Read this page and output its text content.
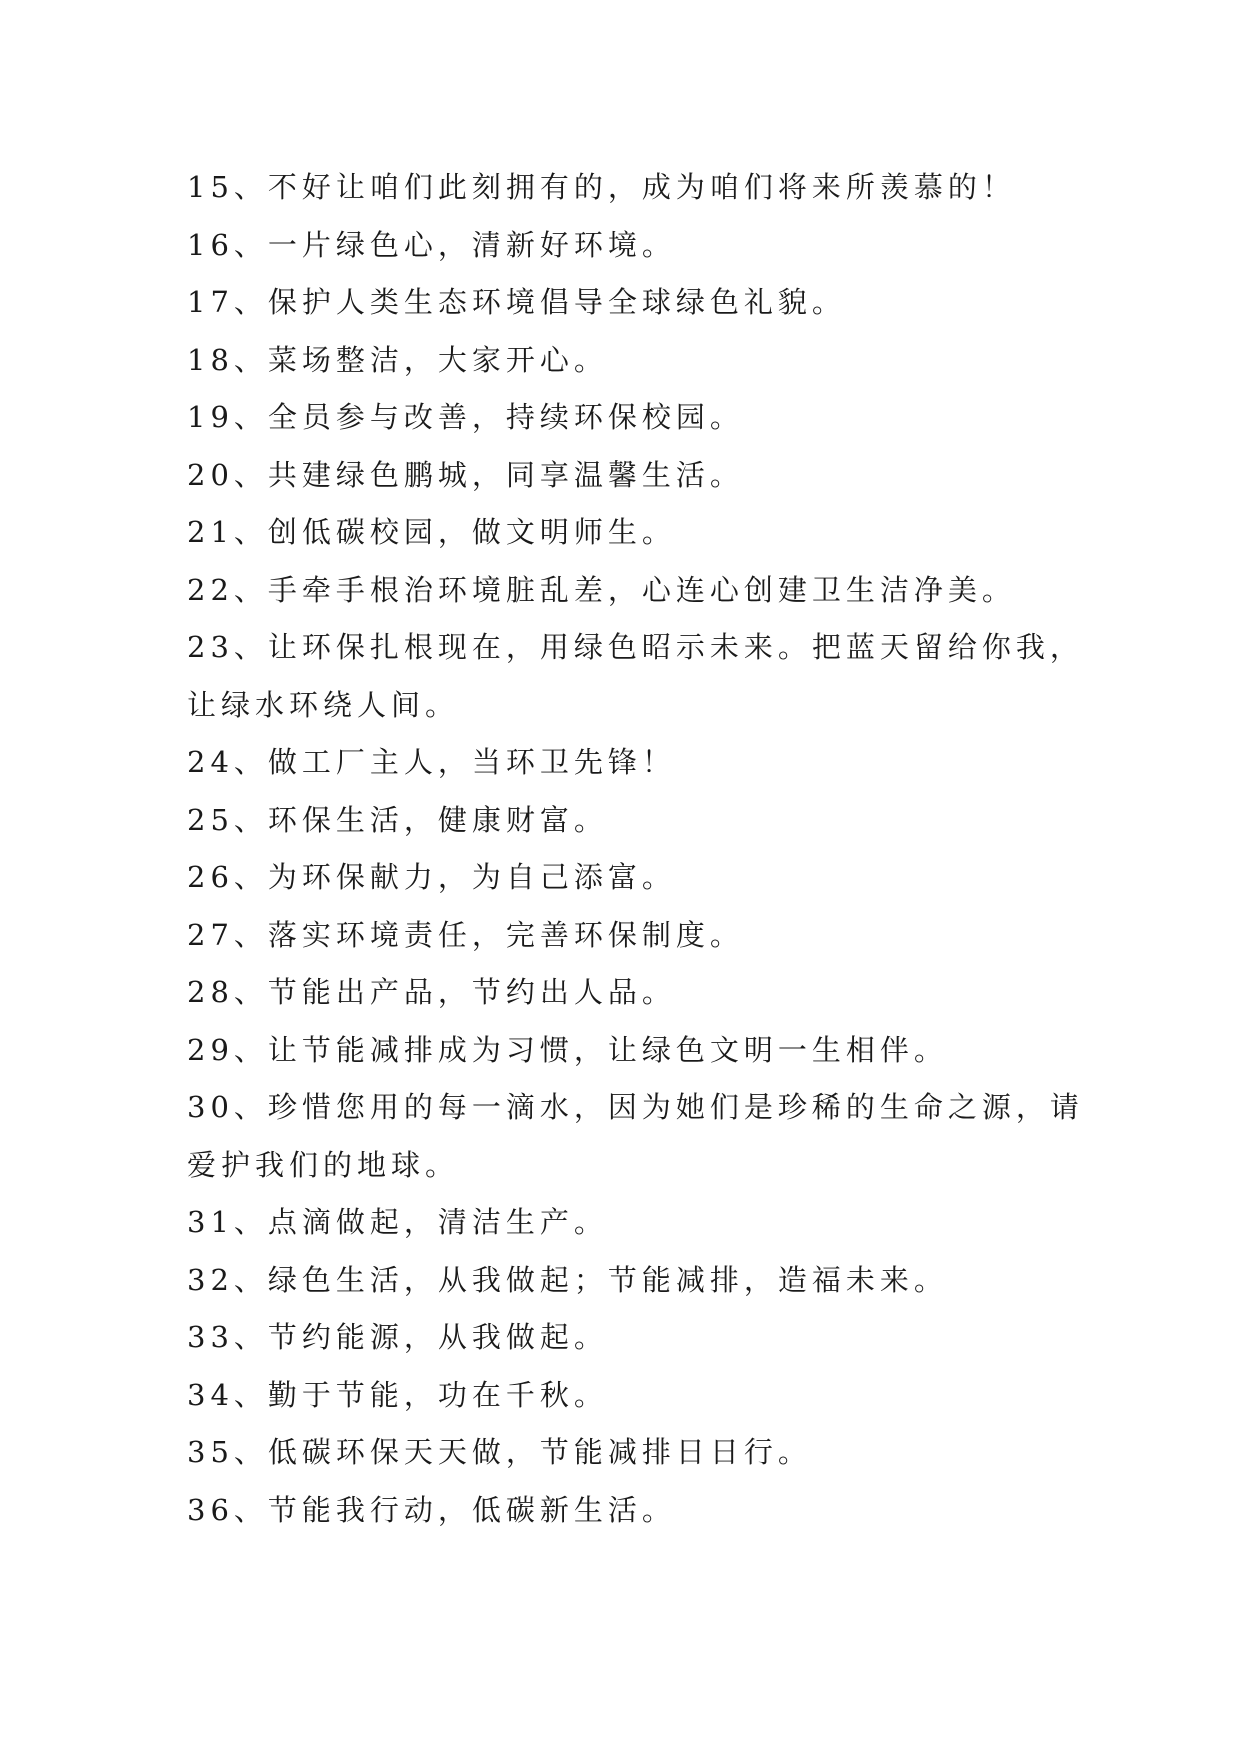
15、不好让咱们此刻拥有的，成为咱们将来所羡慕的！
16、一片绿色心，清新好环境。
17、保护人类生态环境倡导全球绿色礼貌。
18、菜场整洁，大家开心。
19、全员参与改善，持续环保校园。
20、共建绿色鹏城，同享温馨生活。
21、创低碳校园，做文明师生。
22、手牵手根治环境脏乱差，心连心创建卫生洁净美。
23、让环保扎根现在，用绿色昭示未来。把蓝天留给你我，
让绿水环绕人间。
24、做工厂主人，当环卫先锋！
25、环保生活，健康财富。
26、为环保献力，为自己添富。
27、落实环境责任，完善环保制度。
28、节能出产品，节约出人品。
29、让节能减排成为习惯，让绿色文明一生相伴。
30、珍惜您用的每一滴水，因为她们是珍稀的生命之源，请
爱护我们的地球。
31、点滴做起，清洁生产。
32、绿色生活，从我做起；节能减排，造福未来。
33、节约能源，从我做起。
34、勤于节能，功在千秋。
35、低碳环保天天做，节能减排日日行。
36、节能我行动，低碳新生活。
